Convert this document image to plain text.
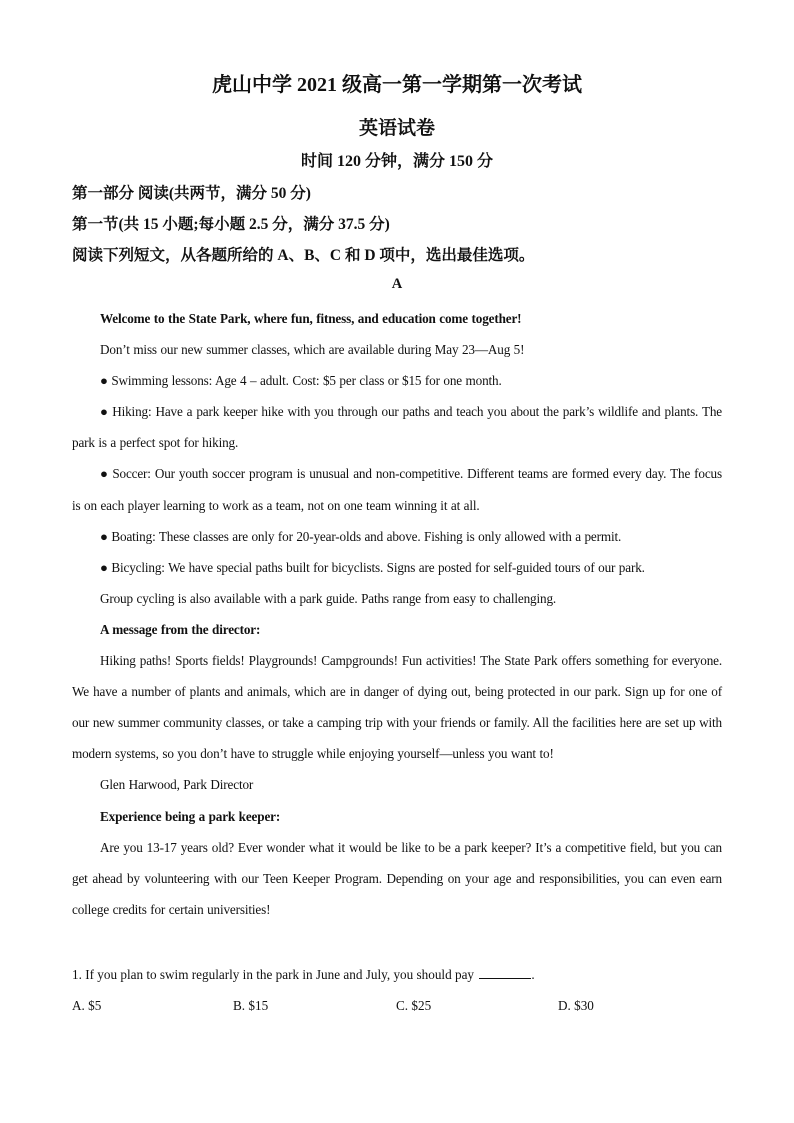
虎山中学 2021 级高一第一学期第一次考试
英语试卷
时间 120 分钟，满分 150 分
第一部分 阅读(共两节，满分 50 分)
第一节(共 15 小题;每小题 2.5 分，满分 37.5 分)
阅读下列短文，从各题所给的 A、B、C 和 D 项中，选出最佳选项。
A

Welcome to the State Park, where fun, fitness, and education come together!

Don’t miss our new summer classes, which are available during May 23—Aug 5!

● Swimming lessons: Age 4 – adult. Cost: $5 per class or $15 for one month.

● Hiking: Have a park keeper hike with you through our paths and teach you about the park’s wildlife and plants. The park is a perfect spot for hiking.

● Soccer: Our youth soccer program is unusual and non-competitive. Different teams are formed every day. The focus is on each player learning to work as a team, not on one team winning it at all.

● Boating: These classes are only for 20-year-olds and above. Fishing is only allowed with a permit.

● Bicycling: We have special paths built for bicyclists. Signs are posted for self-guided tours of our park.

Group cycling is also available with a park guide. Paths range from easy to challenging.

A message from the director:

Hiking paths! Sports fields! Playgrounds! Campgrounds! Fun activities! The State Park offers something for everyone. We have a number of plants and animals, which are in danger of dying out, being protected in our park. Sign up for one of our new summer community classes, or take a camping trip with your friends or family. All the facilities here are set up with modern systems, so you don’t have to struggle while enjoying yourself—unless you want to!

Glen Harwood, Park Director

Experience being a park keeper:

Are you 13-17 years old? Ever wonder what it would be like to be a park keeper? It’s a competitive field, but you can get ahead by volunteering with our Teen Keeper Program. Depending on your age and responsibilities, you can even earn college credits for certain universities!

1. If you plan to swim regularly in the park in June and July, you should pay	.
A. $5	B. $15	C. $25	D. $30
